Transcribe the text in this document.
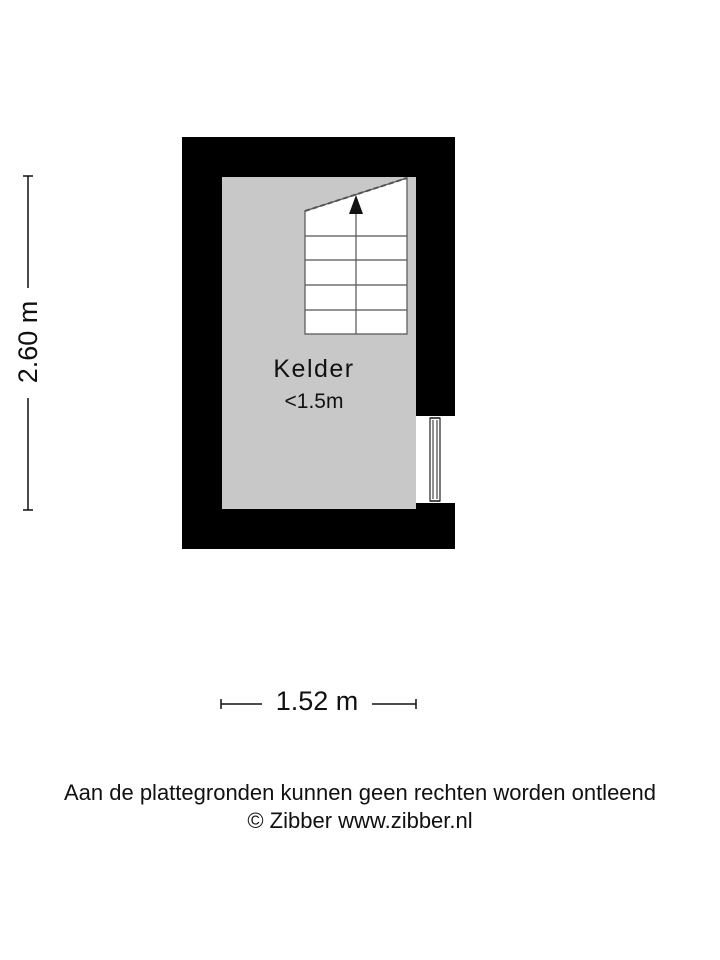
Kelder
<1.5m
2.60 m
1.52 m
Aan de plattegronden kunnen geen rechten worden ontleend
© Zibber www.zibber.nl
